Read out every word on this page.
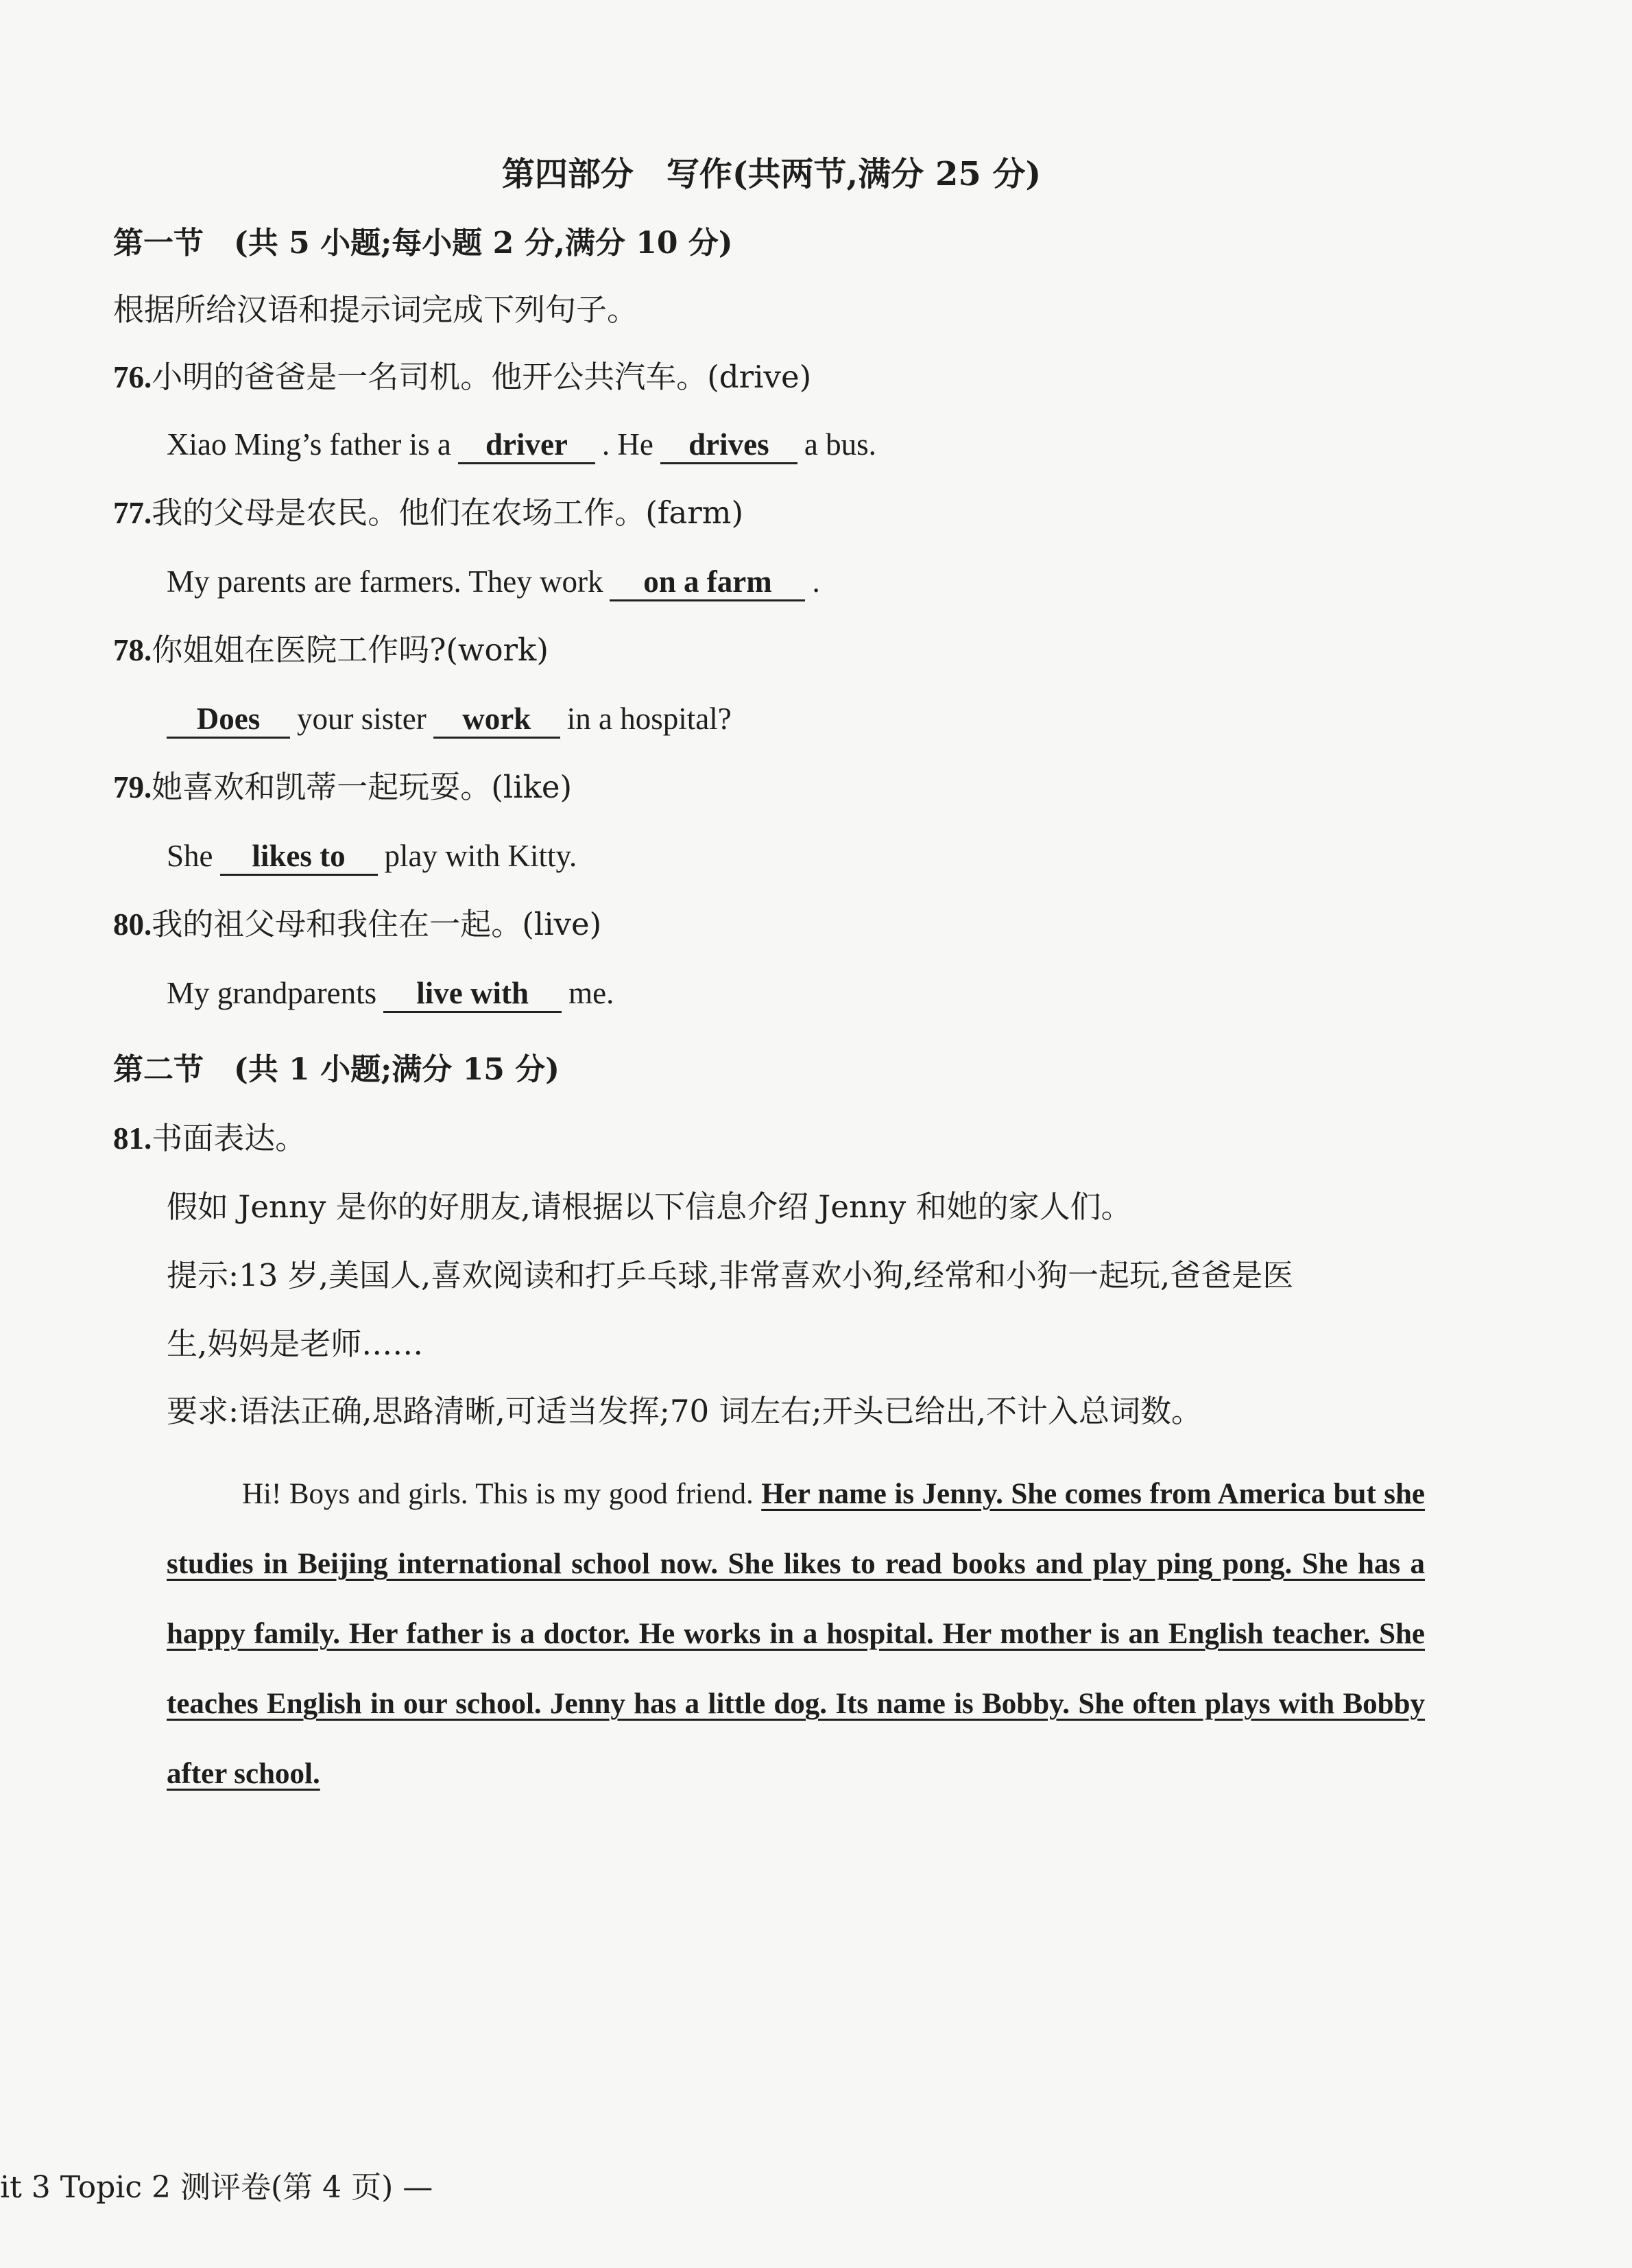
第四部分　写作(共两节,满分 25 分)
第一节　(共 5 小题;每小题 2 分,满分 10 分)
根据所给汉语和提示词完成下列句子。
76.小明的爸爸是一名司机。他开公共汽车。(drive)
Xiao Ming’s father is a driver . He drives a bus.
77.我的父母是农民。他们在农场工作。(farm)
My parents are farmers. They work on a farm .
78.你姐姐在医院工作吗?(work)
Does your sister work in a hospital?
79.她喜欢和凯蒂一起玩耍。(like)
She likes to play with Kitty.
80.我的祖父母和我住在一起。(live)
My grandparents live with me.
第二节　(共 1 小题;满分 15 分)
81.书面表达。
假如 Jenny 是你的好朋友,请根据以下信息介绍 Jenny 和她的家人们。
提示:13 岁,美国人,喜欢阅读和打乒乓球,非常喜欢小狗,经常和小狗一起玩,爸爸是医
生,妈妈是老师……
要求:语法正确,思路清晰,可适当发挥;70 词左右;开头已给出,不计入总词数。
Hi! Boys and girls. This is my good friend. Her name is Jenny. She comes from America but she studies in Beijing international school now. She likes to read books and play ping pong. She has a happy family. Her father is a doctor. He works in a hospital. Her mother is an English teacher. She teaches English in our school. Jenny has a little dog. Its name is Bobby. She often plays with Bobby after school.
it 3 Topic 2 测评卷(第 4 页) —
